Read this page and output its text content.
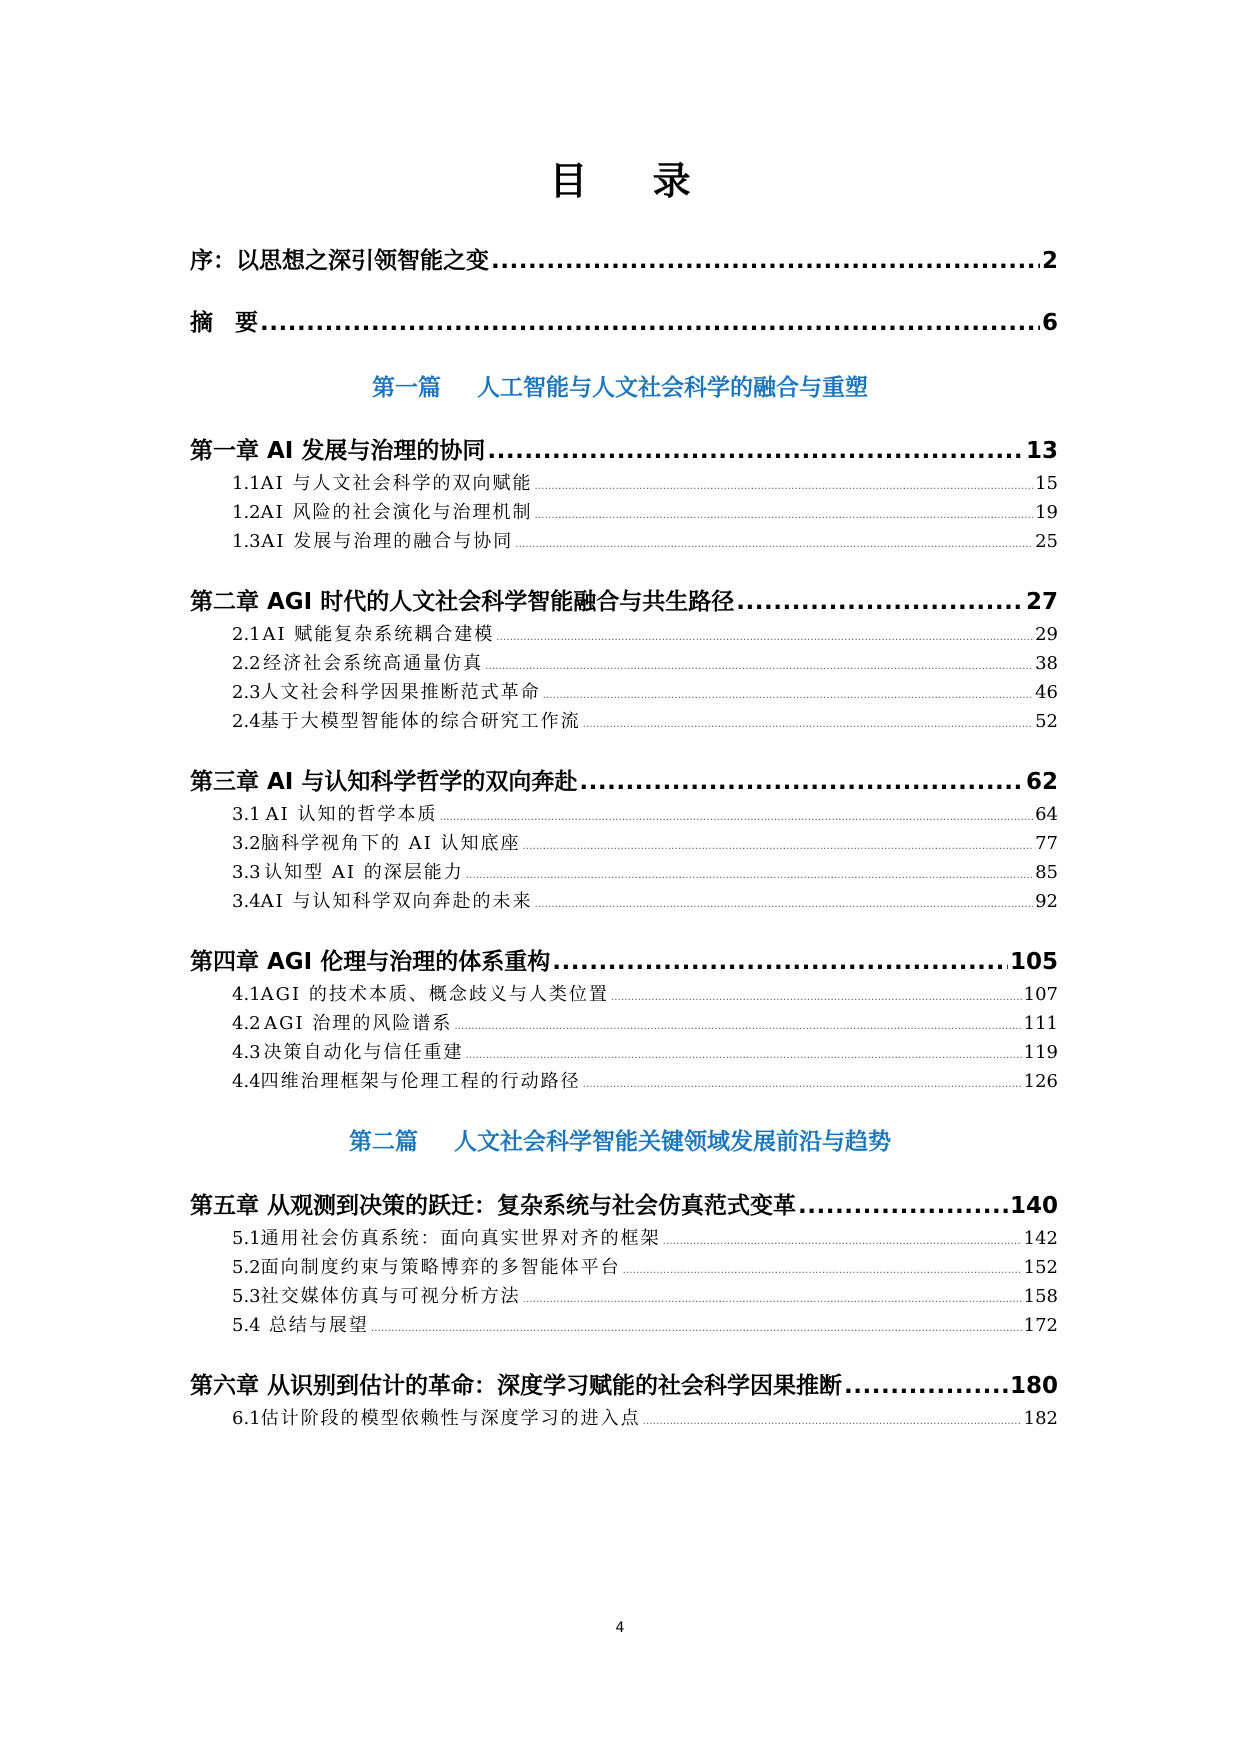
目 录
序：以思想之深引领智能之变 .....	2
摘 要 .....	6
第一章 AI 发展与治理的协同 .....	13
1.1 AI 与人文社会科学的双向赋能 .....	15
1.2 AI 风险的社会演化与治理机制 .....	19
1.3 AI 发展与治理的融合与协同 .....	25
第二章 AGI 时代的人文社会科学智能融合与共生路径 .....	27
2.1 AI 赋能复杂系统耦合建模 .....	29
2.2 经济社会系统高通量仿真 .....	38
2.3 人文社会科学因果推断范式革命 .....	46
2.4 基于大模型智能体的综合研究工作流 .....	52
第三章 AI 与认知科学哲学的双向奔赴 .....	62
3.1 AI 认知的哲学本质 .....	64
3.2 脑科学视角下的 AI 认知底座 .....	77
3.3 认知型 AI 的深层能力 .....	85
3.4 AI 与认知科学双向奔赴的未来 .....	92
第四章 AGI 伦理与治理的体系重构 .....	105
4.1 AGI 的技术本质、概念歧义与人类位置 .....	107
4.2 AGI 治理的风险谱系 .....	111
4.3 决策自动化与信任重建 .....	119
4.4 四维治理框架与伦理工程的行动路径 .....	126
第五章 从观测到决策的跃迁：复杂系统与社会仿真范式变革 .....	140
5.1 通用社会仿真系统：面向真实世界对齐的框架 .....	142
5.2 面向制度约束与策略博弈的多智能体平台 .....	152
5.3 社交媒体仿真与可视分析方法 .....	158
5.4 总结与展望 .....	172
第六章 从识别到估计的革命：深度学习赋能的社会科学因果推断 .....	180
6.1 估计阶段的模型依赖性与深度学习的进入点 .....	182
第一篇 人工智能与人文社会科学的融合与重塑
第二篇 人文社会科学智能关键领域发展前沿与趋势
4
